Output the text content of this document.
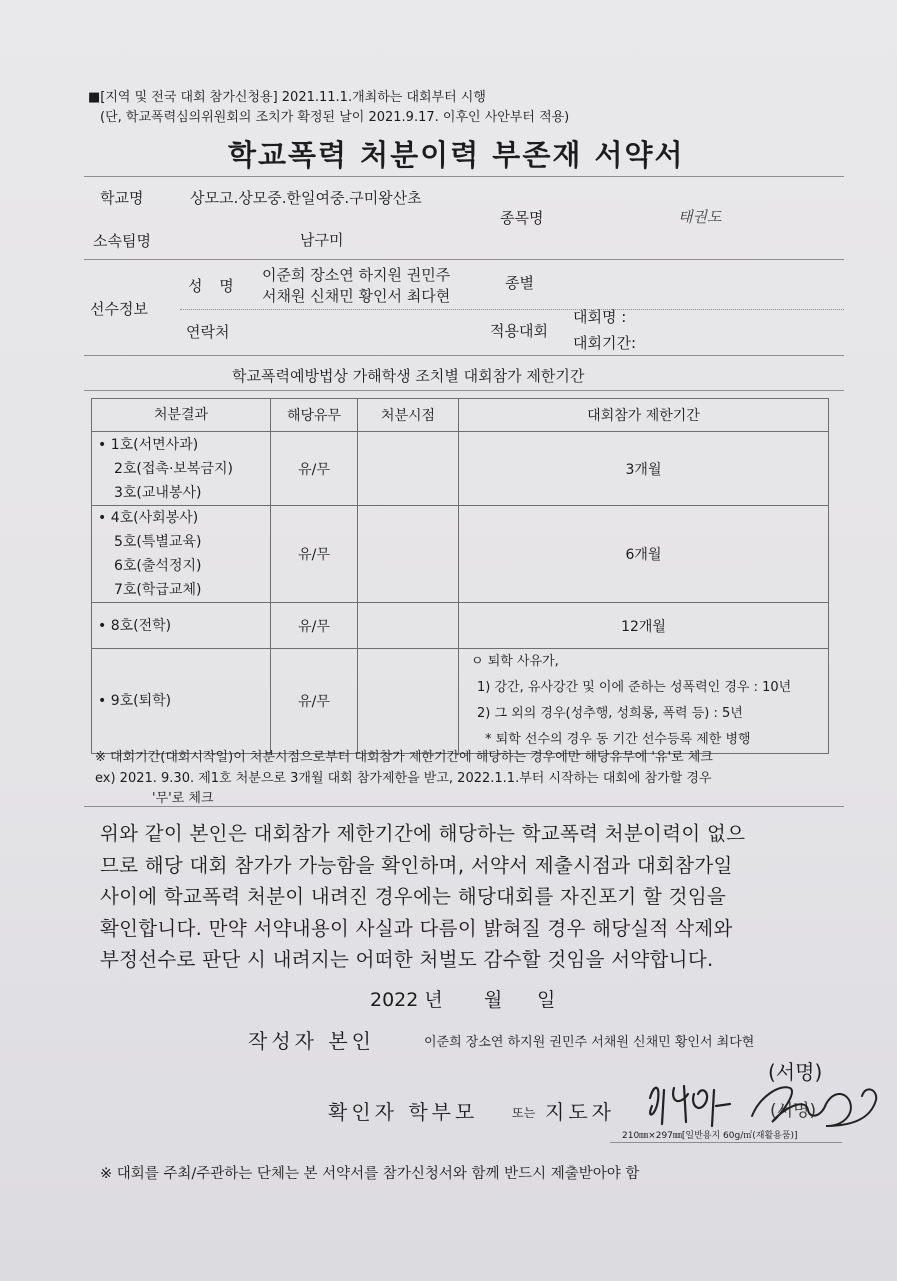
■[지역 및 전국 대회 참가신청용] 2021.11.1.개최하는 대회부터 시행
(단, 학교폭력심의위원회의 조치가 확정된 날이 2021.9.17. 이후인 사안부터 적용)
학교폭력 처분이력 부존재 서약서
학교명	상모고.상모중.한일여중.구미왕산초
종목명	태권도
소속팀명	남구미
선수정보
성 명
이준희 장소연 하지원 권민주
서채원 신채민 황인서 최다현
종별
연락처	적용대회
대회명 :
대회기간:
학교폭력예방법상 가해학생 조치별 대회참가 제한기간
처분결과	해당유무	처분시점	대회참가 제한기간

• 1호(서면사과)
2호(접촉·보복금지)
3호(교내봉사)	유/무		3개월

• 4호(사회봉사)
5호(특별교육)
6호(출석정지)
7호(학급교체)	유/무		6개월

• 8호(전학)	유/무		12개월

• 9호(퇴학)	유/무		ㅇ 퇴학 사유가,
1) 강간, 유사강간 및 이에 준하는 성폭력인 경우 : 10년
2) 그 외의 경우(성추행, 성희롱, 폭력 등) : 5년
* 퇴학 선수의 경우 동 기간 선수등록 제한 병행
※ 대회기간(대회시작일)이 처분시점으로부터 대회참가 제한기간에 해당하는 경우에만 해당유무에 '유'로 체크
ex) 2021. 9.30. 제1호 처분으로 3개월 대회 참가제한을 받고, 2022.1.1.부터 시작하는 대회에 참가할 경우
'무'로 체크
위와 같이 본인은 대회참가 제한기간에 해당하는 학교폭력 처분이력이 없으
므로 해당 대회 참가가 가능함을 확인하며, 서약서 제출시점과 대회참가일
사이에 학교폭력 처분이 내려진 경우에는 해당대회를 자진포기 할 것임을
확인합니다. 만약 서약내용이 사실과 다름이 밝혀질 경우 해당실적 삭제와
부정선수로 판단 시 내려지는 어떠한 처벌도 감수할 것임을 서약합니다.
2022 년 월 일
작성자 본인	이준희 장소연 하지원 권민주 서채원 신채민 황인서 최다현
(서명)
확인자 학부모	또는 지도자	(서명)
210㎜×297㎜[일반용지 60g/㎡(재활용품)]
※ 대회를 주최/주관하는 단체는 본 서약서를 참가신청서와 함께 반드시 제출받아야 함
